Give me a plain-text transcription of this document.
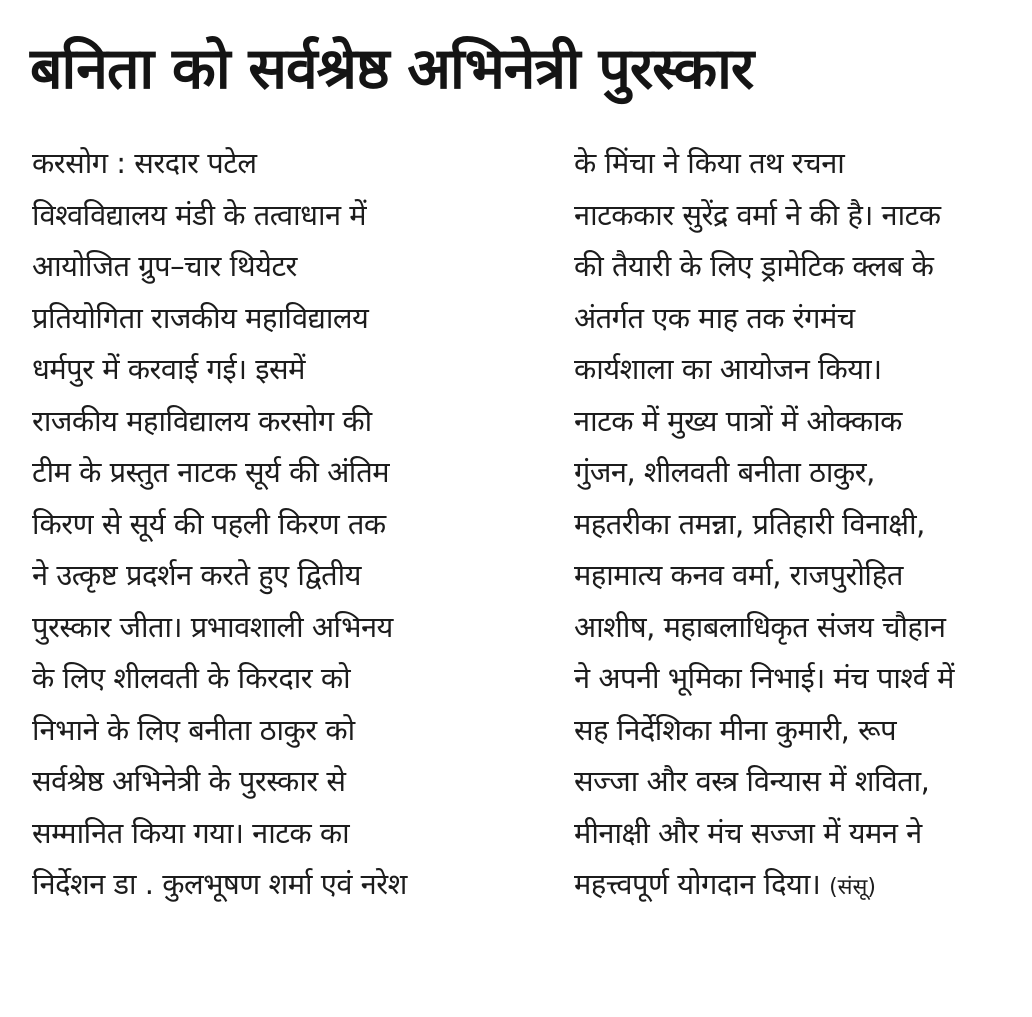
बनिता को सर्वश्रेष्ठ अभिनेत्री पुरस्कार
करसोग : सरदार पटेल
विश्वविद्यालय मंडी के तत्वाधान में
आयोजित ग्रुप–चार थियेटर
प्रतियोगिता राजकीय महाविद्यालय
धर्मपुर में करवाई गई। इसमें
राजकीय महाविद्यालय करसोग की
टीम के प्रस्तुत नाटक सूर्य की अंतिम
किरण से सूर्य की पहली किरण तक
ने उत्कृष्ट प्रदर्शन करते हुए द्वितीय
पुरस्कार जीता। प्रभावशाली अभिनय
के लिए शीलवती के किरदार को
निभाने के लिए बनीता ठाकुर को
सर्वश्रेष्ठ अभिनेत्री के पुरस्कार से
सम्मानित किया गया। नाटक का
निर्देशन डा . कुलभूषण शर्मा एवं नरेश
के मिंचा ने किया तथ रचना
नाटककार सुरेंद्र वर्मा ने की है। नाटक
की तैयारी के लिए ड्रामेटिक क्लब के
अंतर्गत एक माह तक रंगमंच
कार्यशाला का आयोजन किया।
नाटक में मुख्य पात्रों में ओक्काक
गुंजन, शीलवती बनीता ठाकुर,
महतरीका तमन्ना, प्रतिहारी विनाक्षी,
महामात्य कनव वर्मा, राजपुरोहित
आशीष, महाबलाधिकृत संजय चौहान
ने अपनी भूमिका निभाई। मंच पार्श्व में
सह निर्देशिका मीना कुमारी, रूप
सज्जा और वस्त्र विन्यास में शविता,
मीनाक्षी और मंच सज्जा में यमन ने
महत्त्वपूर्ण योगदान दिया। (संसू)
